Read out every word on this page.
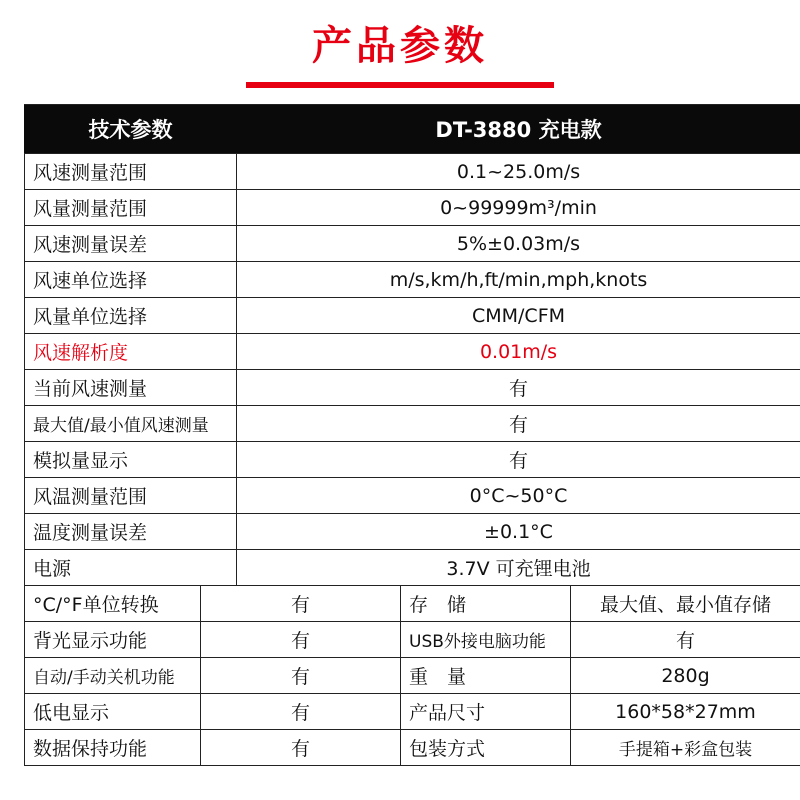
产品参数
技术参数	DT-3880 充电款
风速测量范围	0.1~25.0m/s
风量测量范围	0~99999m³/min
风速测量误差	5%±0.03m/s
风速单位选择	m/s,km/h,ft/min,mph,knots
风量单位选择	CMM/CFM
风速解析度	0.01m/s
当前风速测量	有
最大值/最小值风速测量	有
模拟量显示	有
风温测量范围	0°C~50°C
温度测量误差	±0.1°C
电源	3.7V 可充锂电池
°C/°F单位转换	有	存　储	最大值、最小值存储
背光显示功能	有	USB外接电脑功能	有
自动/手动关机功能	有	重　量	280g
低电显示	有	产品尺寸	160*58*27mm
数据保持功能	有	包装方式	手提箱+彩盒包装
